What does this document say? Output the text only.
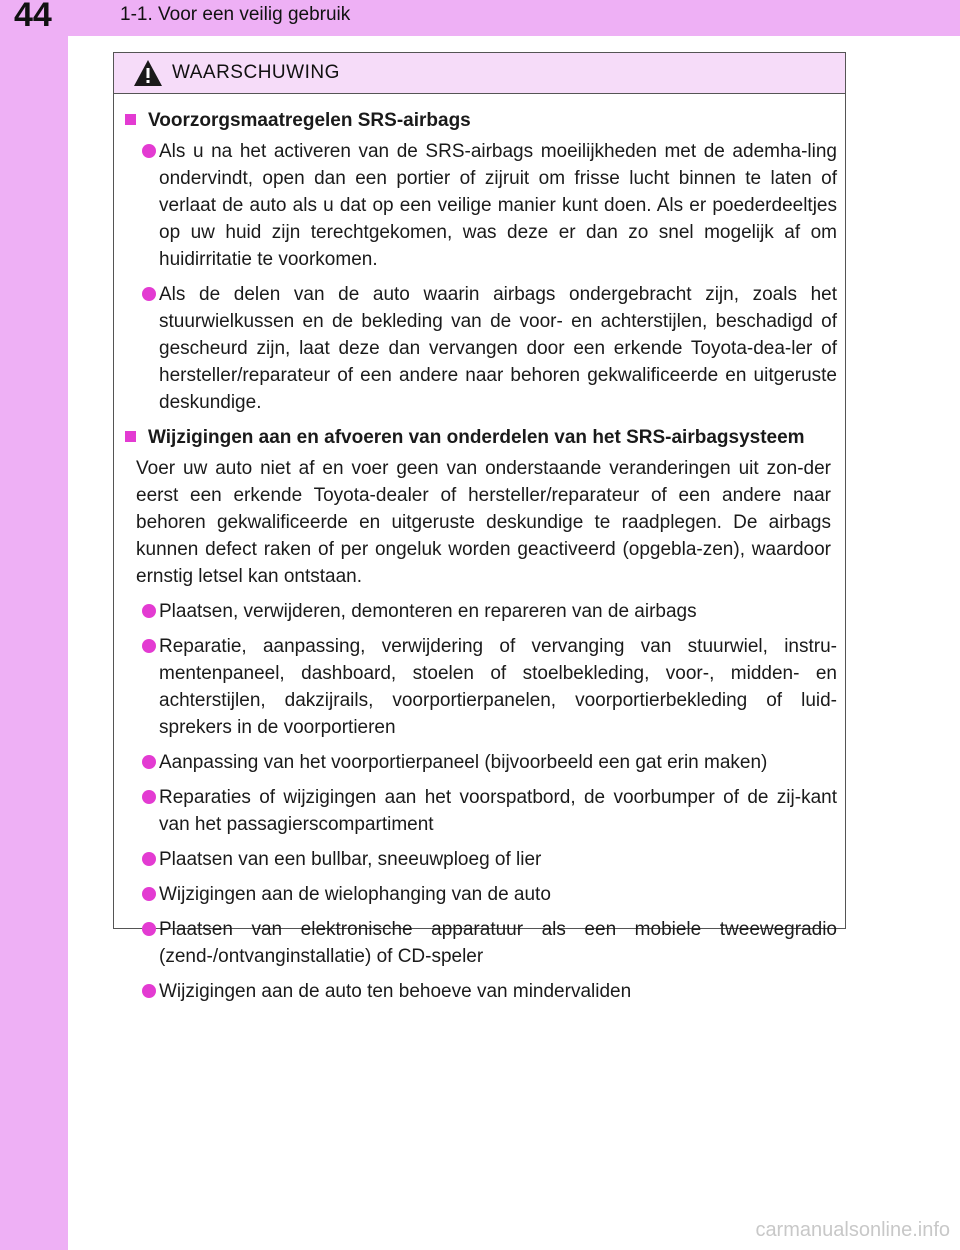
44	1-1. Voor een veilig gebruik
WAARSCHUWING
Voorzorgsmaatregelen SRS-airbags
Als u na het activeren van de SRS-airbags moeilijkheden met de ademha-ling ondervindt, open dan een portier of zijruit om frisse lucht binnen te laten of verlaat de auto als u dat op een veilige manier kunt doen. Als er poederdeeltjes op uw huid zijn terechtgekomen, was deze er dan zo snel mogelijk af om huidirritatie te voorkomen.
Als de delen van de auto waarin airbags ondergebracht zijn, zoals het stuurwielkussen en de bekleding van de voor- en achterstijlen, beschadigd of gescheurd zijn, laat deze dan vervangen door een erkende Toyota-dea-ler of hersteller/reparateur of een andere naar behoren gekwalificeerde en uitgeruste deskundige.
Wijzigingen aan en afvoeren van onderdelen van het SRS-airbagsysteem
Voer uw auto niet af en voer geen van onderstaande veranderingen uit zon-der eerst een erkende Toyota-dealer of hersteller/reparateur of een andere naar behoren gekwalificeerde en uitgeruste deskundige te raadplegen. De airbags kunnen defect raken of per ongeluk worden geactiveerd (opgebla-zen), waardoor ernstig letsel kan ontstaan.
Plaatsen, verwijderen, demonteren en repareren van de airbags
Reparatie, aanpassing, verwijdering of vervanging van stuurwiel, instru-mentenpaneel, dashboard, stoelen of stoelbekleding, voor-, midden- en achterstijlen, dakzijrails, voorportierpanelen, voorportierbekleding of luid-sprekers in de voorportieren
Aanpassing van het voorportierpaneel (bijvoorbeeld een gat erin maken)
Reparaties of wijzigingen aan het voorspatbord, de voorbumper of de zij-kant van het passagierscompartiment
Plaatsen van een bullbar, sneeuwploeg of lier
Wijzigingen aan de wielophanging van de auto
Plaatsen van elektronische apparatuur als een mobiele tweewegradio (zend-/ontvanginstallatie) of CD-speler
Wijzigingen aan de auto ten behoeve van mindervaliden
carmanualsonline.info
